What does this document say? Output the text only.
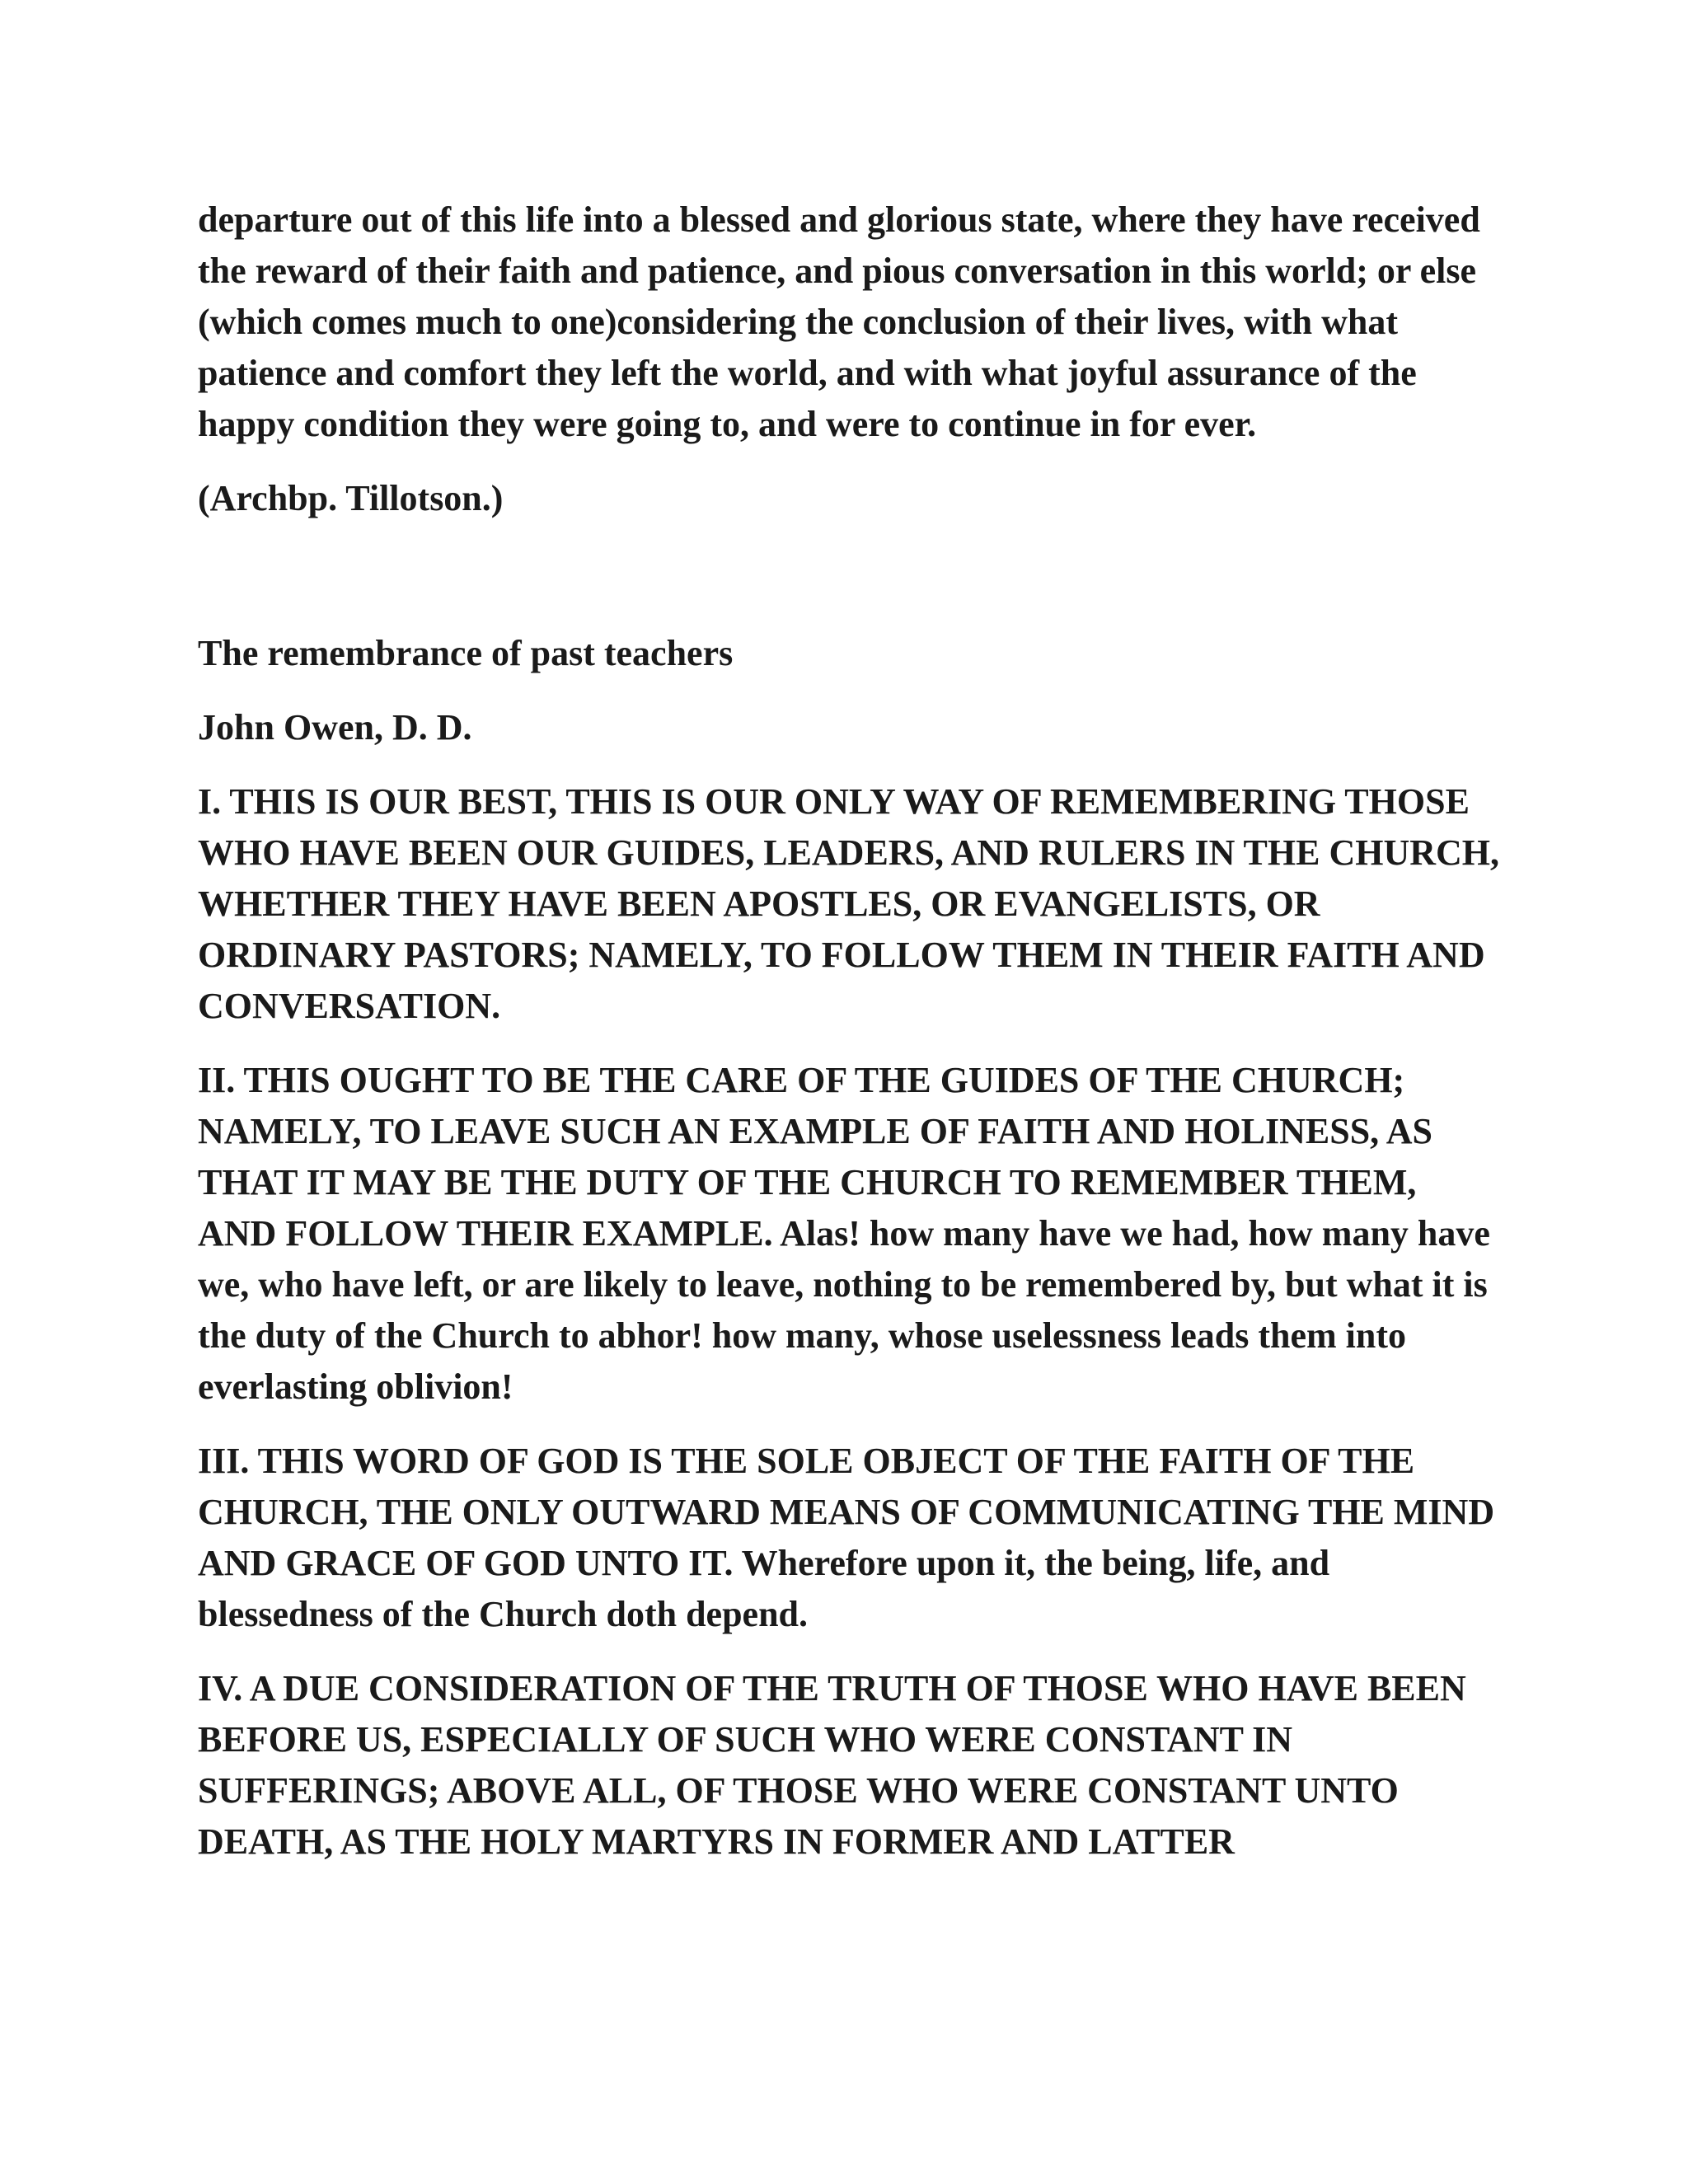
departure out of this life into a blessed and glorious state, where they have received the reward of their faith and patience, and pious conversation in this world; or else (which comes much to one)considering the conclusion of their lives, with what patience and comfort they left the world, and with what joyful assurance of the happy condition they were going to, and were to continue in for ever.

(Archbp. Tillotson.)

The remembrance of past teachers

John Owen, D. D.

I. THIS IS OUR BEST, THIS IS OUR ONLY WAY OF REMEMBERING THOSE WHO HAVE BEEN OUR GUIDES, LEADERS, AND RULERS IN THE CHURCH, WHETHER THEY HAVE BEEN APOSTLES, OR EVANGELISTS, OR ORDINARY PASTORS; NAMELY, TO FOLLOW THEM IN THEIR FAITH AND CONVERSATION.

II. THIS OUGHT TO BE THE CARE OF THE GUIDES OF THE CHURCH; NAMELY, TO LEAVE SUCH AN EXAMPLE OF FAITH AND HOLINESS, AS THAT IT MAY BE THE DUTY OF THE CHURCH TO REMEMBER THEM, AND FOLLOW THEIR EXAMPLE. Alas! how many have we had, how many have we, who have left, or are likely to leave, nothing to be remembered by, but what it is the duty of the Church to abhor! how many, whose uselessness leads them into everlasting oblivion!

III. THIS WORD OF GOD IS THE SOLE OBJECT OF THE FAITH OF THE CHURCH, THE ONLY OUTWARD MEANS OF COMMUNICATING THE MIND AND GRACE OF GOD UNTO IT. Wherefore upon it, the being, life, and blessedness of the Church doth depend.

IV. A DUE CONSIDERATION OF THE TRUTH OF THOSE WHO HAVE BEEN BEFORE US, ESPECIALLY OF SUCH WHO WERE CONSTANT IN SUFFERINGS; ABOVE ALL, OF THOSE WHO WERE CONSTANT UNTO DEATH, AS THE HOLY MARTYRS IN FORMER AND LATTER
